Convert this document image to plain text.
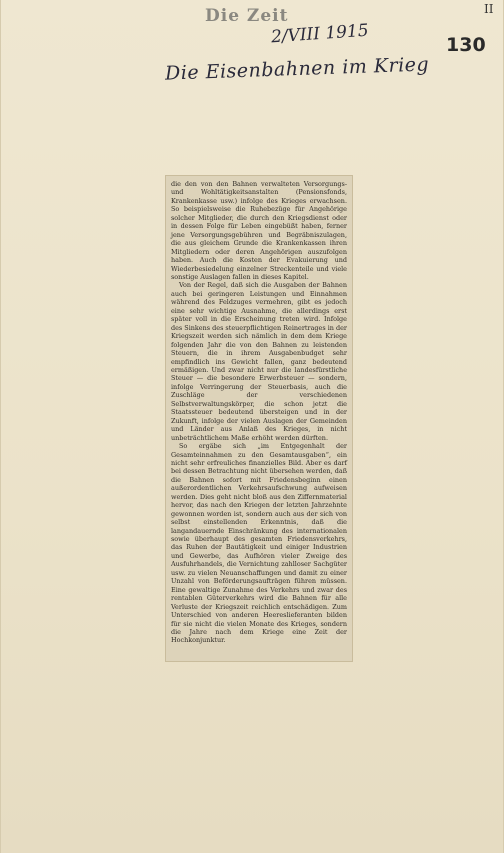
Die Zeit	II
2/VIII 1915	130
Die Eisenbahnen im Krieg

die den von den Bahnen verwalteten Versorgungs- und Wohltätigkeitsanstalten (Pensionsfonds, Krankenkasse usw.) infolge des Krieges erwachsen. So beispielsweise die Ruhebezüge für Angehörige solcher Mitglieder, die durch den Kriegsdienst oder in dessen Folge für Leben eingebüßt haben, ferner jene Versorgungsgebühren und Begräbniszulagen, die aus gleichem Grunde die Krankenkassen ihren Mitgliedern oder deren Angehörigen auszufolgen haben. Auch die Kosten der Evakuierung und Wiederbesiedelung einzelner Streckenteile und viele sonstige Auslagen fallen in dieses Kapitel.

Von der Regel, daß sich die Ausgaben der Bahnen auch bei geringeren Leistungen und Einnahmen während des Feldzuges vermehren, gibt es jedoch eine sehr wichtige Ausnahme, die allerdings erst später voll in die Erscheinung treten wird. Infolge des Sinkens des steuerpflichtigen Reinertrages in der Kriegszeit werden sich nämlich in dem dem Kriege folgenden Jahr die von den Bahnen zu leistenden Steuern, die in ihrem Ausgabenbudget sehr empfindlich ins Gewicht fallen, ganz bedeutend ermäßigen. Und zwar nicht nur die landesfürstliche Steuer — die besondere Erwerbsteuer — sondern, infolge Verringerung der Steuerbasis, auch die Zuschläge der verschiedenen Selbstverwaltungskörper, die schon jetzt die Staatssteuer bedeutend übersteigen und in der Zukunft, infolge der vielen Auslagen der Gemeinden und Länder aus Anlaß des Krieges, in nicht unbeträchtlichem Maße erhöht werden dürften.

So ergäbe sich „im Entgegenhalt der Gesamteinnahmen zu den Gesamtausgaben“, ein nicht sehr erfreuliches finanzielles Bild. Aber es darf bei dessen Betrachtung nicht übersehen werden, daß die Bahnen sofort mit Friedensbeginn einen außerordentlichen Verkehrsaufschwung aufweisen werden. Dies geht nicht bloß aus den Ziffernmaterial hervor, das nach den Kriegen der letzten Jahrzehnte gewonnen worden ist, sondern auch aus der sich von selbst einstellenden Erkenntnis, daß die langandauernde Einschränkung des internationalen sowie überhaupt des gesamten Friedensverkehrs, das Ruhen der Bautätigkeit und einiger Industrien und Gewerbe, das Aufhören vieler Zweige des Ausfuhrhandels, die Vernichtung zahlloser Sachgüter usw. zu vielen Neuanschaffungen und damit zu einer Unzahl von Beförderungsaufträgen führen müssen. Eine gewaltige Zunahme des Verkehrs und zwar des rentablen Güterverkehrs wird die Bahnen für alle Verluste der Kriegszeit reichlich entschädigen. Zum Unterschied von anderen Heereslieferanten bilden für sie nicht die vielen Monate des Krieges, sondern die Jahre nach dem Kriege eine Zeit der Hochkonjunktur.
